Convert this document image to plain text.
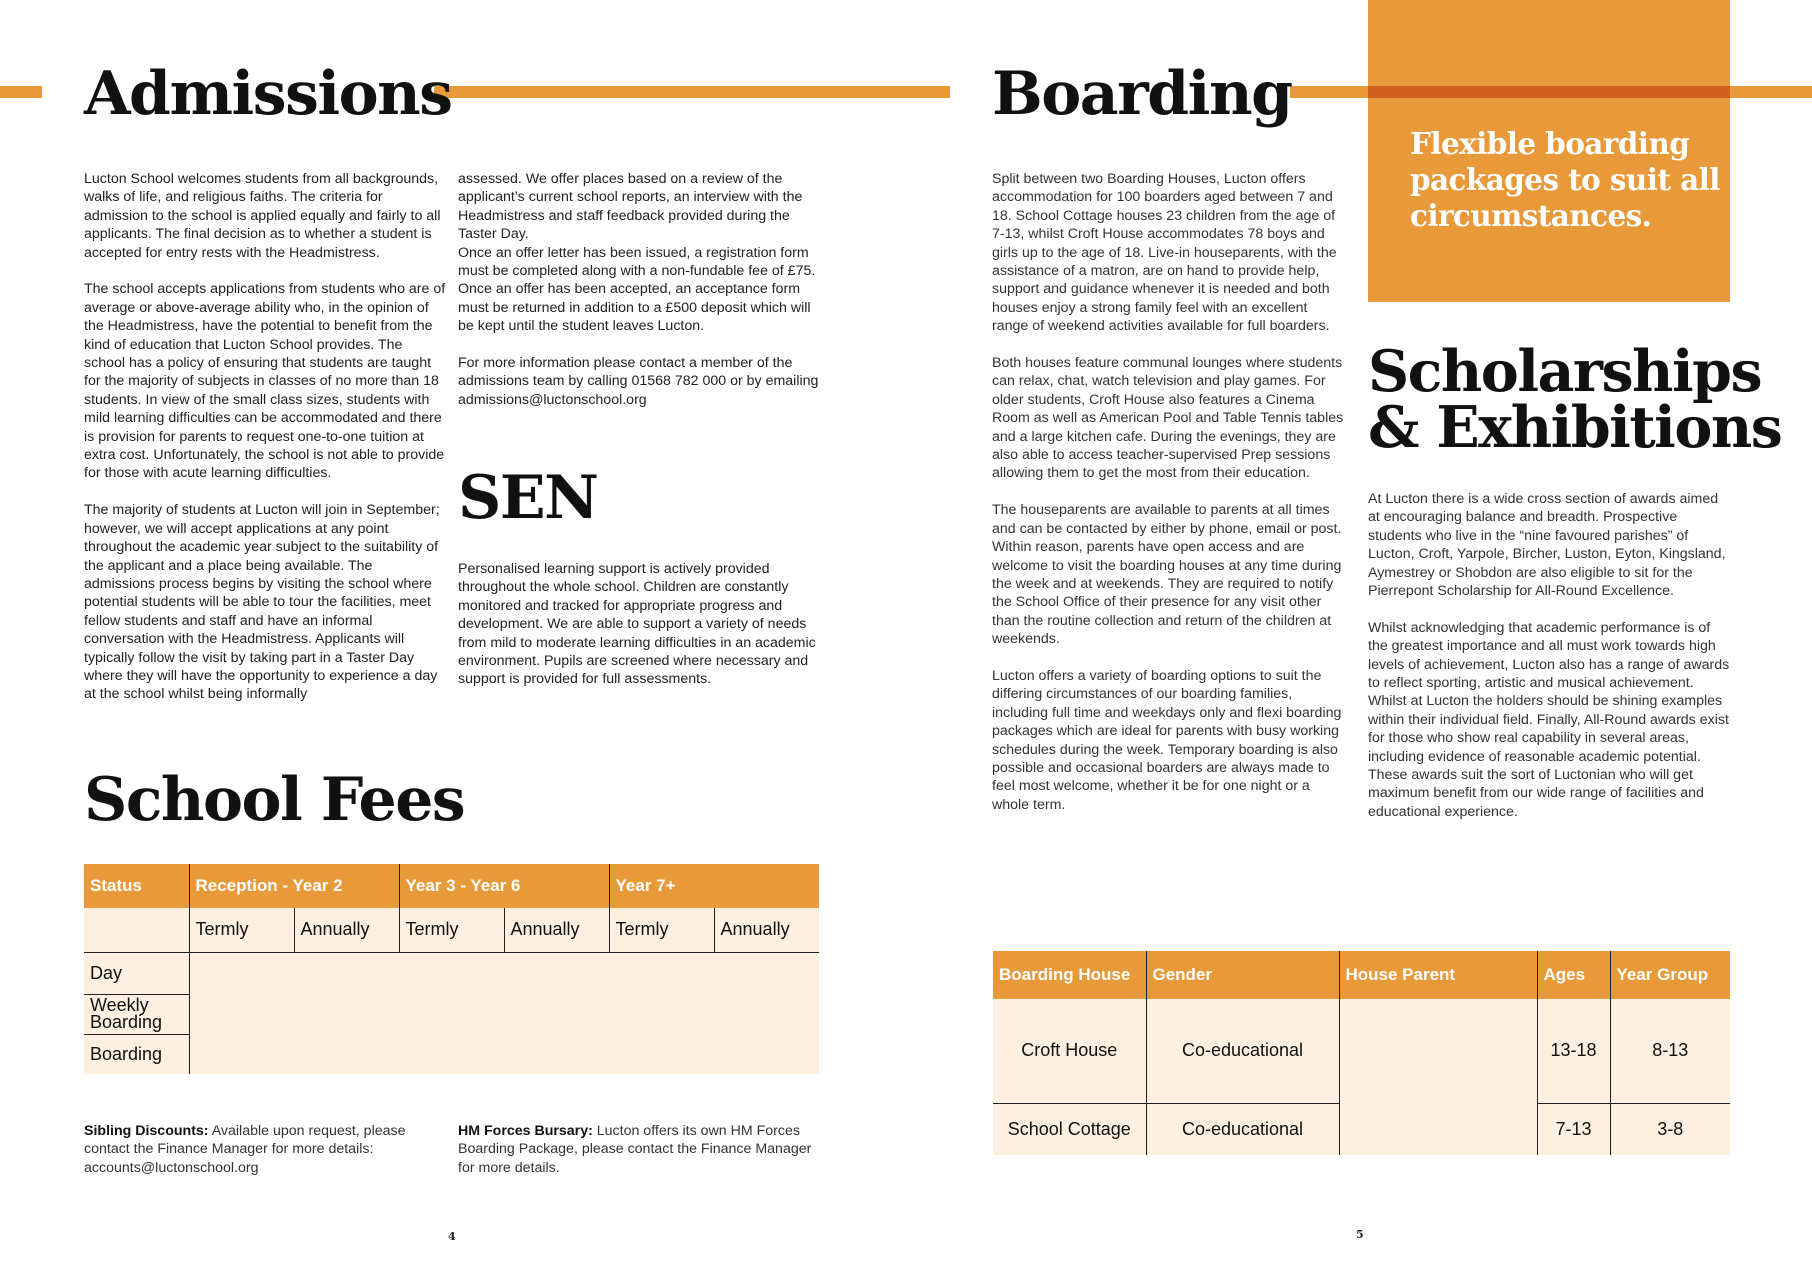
Admissions

Lucton School welcomes students from all backgrounds, walks of life, and religious faiths. The criteria for admission to the school is applied equally and fairly to all applicants. The final decision as to whether a student is accepted for entry rests with the Headmistress.

The school accepts applications from students who are of average or above-average ability who, in the opinion of the Headmistress, have the potential to benefit from the kind of education that Lucton School provides. The school has a policy of ensuring that students are taught for the majority of subjects in classes of no more than 18 students. In view of the small class sizes, students with mild learning difficulties can be accommodated and there is provision for parents to request one-to-one tuition at extra cost. Unfortunately, the school is not able to provide for those with acute learning difficulties.

The majority of students at Lucton will join in September; however, we will accept applications at any point throughout the academic year subject to the suitability of the applicant and a place being available. The admissions process begins by visiting the school where potential students will be able to tour the facilities, meet fellow students and staff and have an informal conversation with the Headmistress. Applicants will typically follow the visit by taking part in a Taster Day where they will have the opportunity to experience a day at the school whilst being informally

assessed. We offer places based on a review of the applicant’s current school reports, an interview with the Headmistress and staff feedback provided during the Taster Day.
Once an offer letter has been issued, a registration form must be completed along with a non-fundable fee of £75. Once an offer has been accepted, an acceptance form must be returned in addition to a £500 deposit which will be kept until the student leaves Lucton.
For more information please contact a member of the admissions team by calling 01568 782 000 or by emailing admissions@luctonschool.org
SEN
Personalised learning support is actively provided throughout the whole school. Children are constantly monitored and tracked for appropriate progress and development. We are able to support a variety of needs from mild to moderate learning difficulties in an academic environment. Pupils are screened where necessary and support is provided for full assessments.
School Fees
Status	Reception - Year 2		Year 3 - Year 6		Year 7+	
	Termly	Annually	Termly	Annually	Termly	Annually
Day						
Weekly Boarding						
Boarding						
Sibling Discounts: Available upon request, please contact the Finance Manager for more details: accounts@luctonschool.org
HM Forces Bursary: Lucton offers its own HM Forces Boarding Package, please contact the Finance Manager for more details.
4
Boarding

Split between two Boarding Houses, Lucton offers accommodation for 100 boarders aged between 7 and 18. School Cottage houses 23 children from the age of 7-13, whilst Croft House accommodates 78 boys and girls up to the age of 18. Live-in houseparents, with the assistance of a matron, are on hand to provide help, support and guidance whenever it is needed and both houses enjoy a strong family feel with an excellent range of weekend activities available for full boarders.

Both houses feature communal lounges where students can relax, chat, watch television and play games. For older students, Croft House also features a Cinema Room as well as American Pool and Table Tennis tables and a large kitchen cafe. During the evenings, they are also able to access teacher-supervised Prep sessions allowing them to get the most from their education.

The houseparents are available to parents at all times and can be contacted by either by phone, email or post. Within reason, parents have open access and are welcome to visit the boarding houses at any time during the week and at weekends. They are required to notify the School Office of their presence for any visit other than the routine collection and return of the children at weekends.

Lucton offers a variety of boarding options to suit the differing circumstances of our boarding families, including full time and weekdays only and flexi boarding packages which are ideal for parents with busy working schedules during the week. Temporary boarding is also possible and occasional boarders are always made to feel most welcome, whether it be for one night or a whole term.

Flexible boarding packages to suit all circumstances.
Scholarships
& Exhibitions

At Lucton there is a wide cross section of awards aimed at encouraging balance and breadth. Prospective students who live in the “nine favoured parishes” of Lucton, Croft, Yarpole, Bircher, Luston, Eyton, Kingsland, Aymestrey or Shobdon are also eligible to sit for the Pierrepont Scholarship for All-Round Excellence.

Whilst acknowledging that academic performance is of the greatest importance and all must work towards high levels of achievement, Lucton also has a range of awards to reflect sporting, artistic and musical achievement. Whilst at Lucton the holders should be shining examples within their individual field. Finally, All-Round awards exist for those who show real capability in several areas, including evidence of reasonable academic potential. These awards suit the sort of Luctonian who will get maximum benefit from our wide range of facilities and educational experience.

Boarding House	Gender	House Parent	Ages	Year Group
Croft House	Co-educational		13-18	8-13
School Cottage	Co-educational		7-13	3-8
5
